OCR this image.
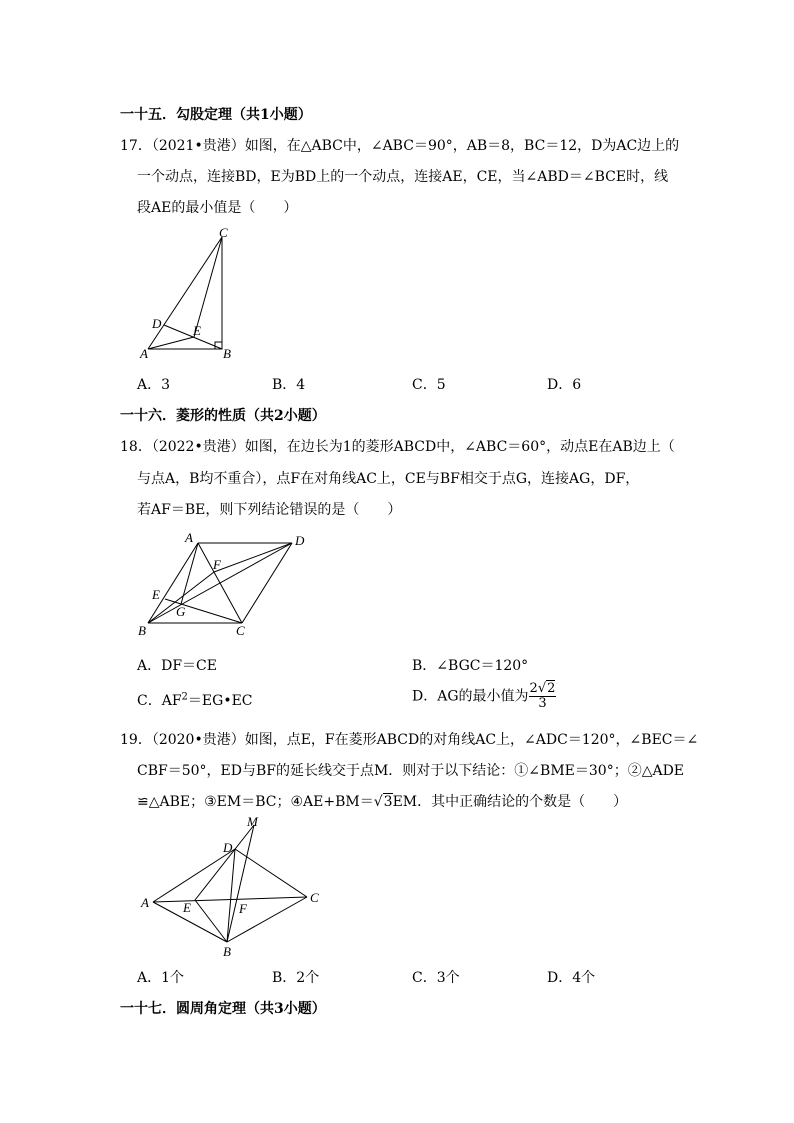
一十五．勾股定理（共1小题）
17．（2021•贵港）如图，在△ABC中，∠ABC＝90°，AB＝8，BC＝12，D为AC边上的
一个动点，连接BD，E为BD上的一个动点，连接AE，CE，当∠ABD＝∠BCE时，线
段AE的最小值是（　　）
C
D E
A	B
A．3	B．4	C．5	D．6
一十六．菱形的性质（共2小题）
18．（2022•贵港）如图，在边长为1的菱形ABCD中，∠ABC＝60°，动点E在AB边上（
与点A，B均不重合），点F在对角线AC上，CE与BF相交于点G，连接AG，DF，
若AF＝BE，则下列结论错误的是（　　）
A	D
F
E
G
B	C
A．DF＝CE	B．∠BGC＝120°
C．$AF^2=EG•EC$	D．AG的最小值为 $\frac{2√2}{3}$
19．（2020•贵港）如图，点E，F在菱形ABCD的对角线AC上，∠ADC＝120°，∠BEC＝∠
CBF＝50°，ED与BF的延长线交于点M．则对于以下结论：①∠BME＝30°；②△ADE
≌△ABE；③EM＝BC；④AE+BM＝√3EM．其中正确结论的个数是（　　）
M
D
A	E	F
C
B
A．1个	B．2个	C．3个	D．4个
一十七．圆周角定理（共3小题）
